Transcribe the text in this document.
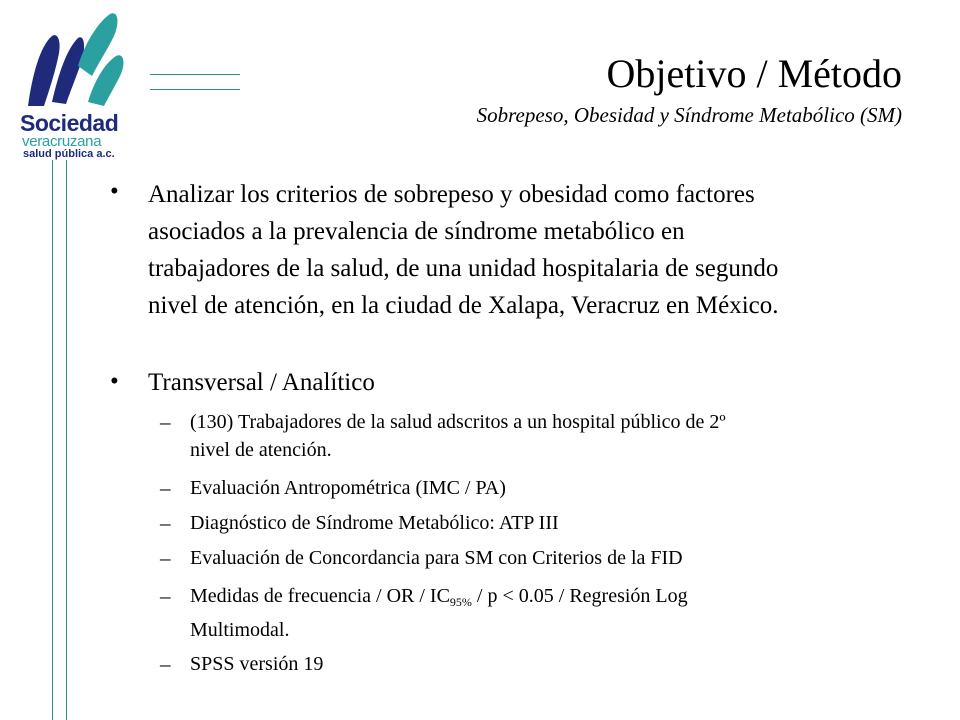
Sociedad
veracruzana
salud pública a.c.
Objetivo / Método

Sobrepeso, Obesidad y Síndrome Metabólico (SM)

• Analizar los criterios de sobrepeso y obesidad como factores
asociados a la prevalencia de síndrome metabólico en
trabajadores de la salud, de una unidad hospitalaria de segundo
nivel de atención, en la ciudad de Xalapa, Veracruz en México.
• Transversal / Analítico
– (130) Trabajadores de la salud adscritos a un hospital público de 2º
nivel de atención.
– Evaluación Antropométrica (IMC / PA)
– Diagnóstico de Síndrome Metabólico: ATP III
– Evaluación de Concordancia para SM con Criterios de la FID
– Medidas de frecuencia / OR / $IC_{95\%} / p < 0.05$ / Regresión Log
Multimodal.
– SPSS versión 19
